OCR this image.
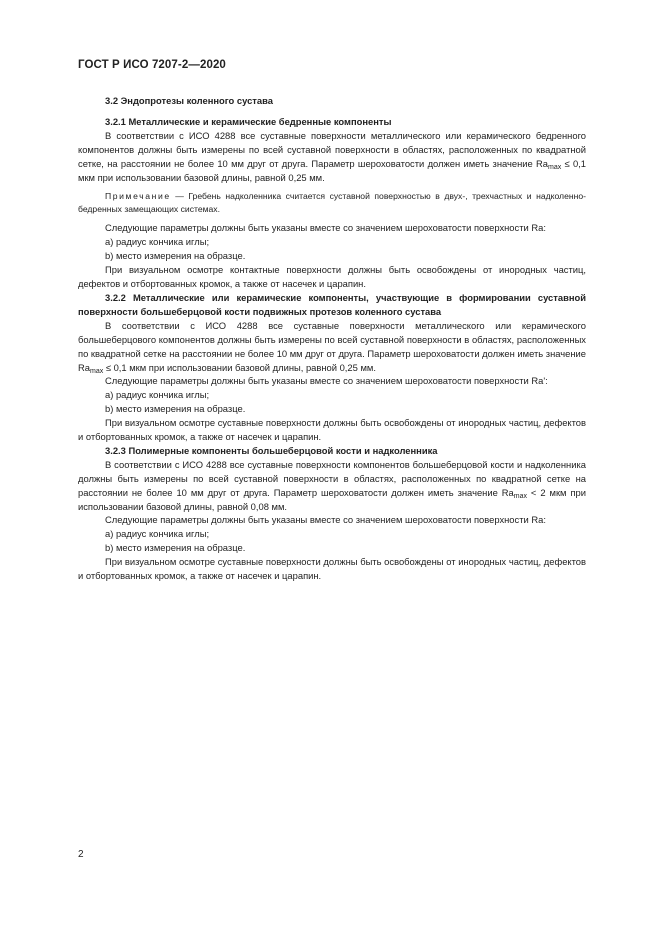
ГОСТ Р ИСО 7207-2—2020

3.2 Эндопротезы коленного сустава

3.2.1 Металлические и керамические бедренные компоненты

В соответствии с ИСО 4288 все суставные поверхности металлического или керамического бедренного компонентов должны быть измерены по всей суставной поверхности в областях, расположенных по квадратной сетке, на расстоянии не более 10 мм друг от друга. Параметр шероховатости должен иметь значение $Ra_{max} \le 0,1$ мкм при использовании базовой длины, равной 0,25 мм.

Примечание — Гребень надколенника считается суставной поверхностью в двух-, трехчастных и надколенно-бедренных замещающих системах.

Следующие параметры должны быть указаны вместе со значением шероховатости поверхности Ra:

a) радиус кончика иглы;

b) место измерения на образце.

При визуальном осмотре контактные поверхности должны быть освобождены от инородных частиц, дефектов и отбортованных кромок, а также от насечек и царапин.

3.2.2 Металлические или керамические компоненты, участвующие в формировании суставной поверхности большеберцовой кости подвижных протезов коленного сустава

В соответствии с ИСО 4288 все суставные поверхности металлического или керамического большеберцового компонентов должны быть измерены по всей суставной поверхности в областях, расположенных по квадратной сетке на расстоянии не более 10 мм друг от друга. Параметр шероховатости должен иметь значение $Ra_{max} \le 0,1$ мкм при использовании базовой длины, равной 0,25 мм.

Следующие параметры должны быть указаны вместе со значением шероховатости поверхности Ra':

a) радиус кончика иглы;

b) место измерения на образце.

При визуальном осмотре суставные поверхности должны быть освобождены от инородных частиц, дефектов и отбортованных кромок, а также от насечек и царапин.

3.2.3 Полимерные компоненты большеберцовой кости и надколенника

В соответствии с ИСО 4288 все суставные поверхности компонентов большеберцовой кости и надколенника должны быть измерены по всей суставной поверхности в областях, расположенных по квадратной сетке на расстоянии не более 10 мм друг от друга. Параметр шероховатости должен иметь значение $Ra_{max} < 2$ мкм при использовании базовой длины, равной 0,08 мм.

Следующие параметры должны быть указаны вместе со значением шероховатости поверхности Ra:

a) радиус кончика иглы;

b) место измерения на образце.

При визуальном осмотре суставные поверхности должны быть освобождены от инородных частиц, дефектов и отбортованных кромок, а также от насечек и царапин.

2
